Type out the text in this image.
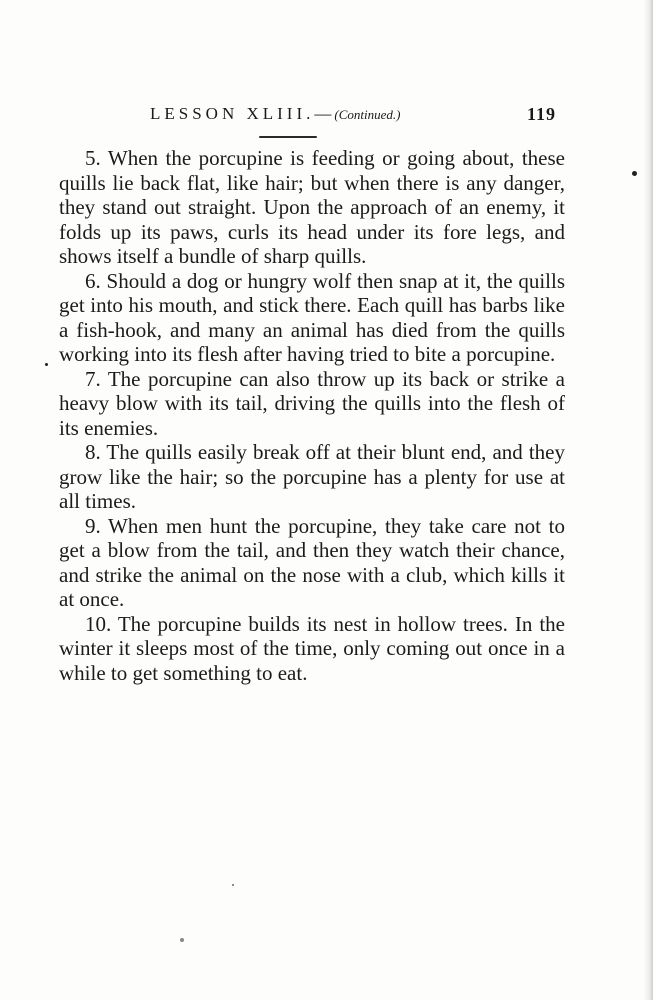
LESSON XLIII.—(Continued.)	119

5. When the porcupine is feeding or going about, these quills lie back flat, like hair; but when there is any danger, they stand out straight. Upon the approach of an enemy, it folds up its paws, curls its head under its fore legs, and shows itself a bundle of sharp quills.

6. Should a dog or hungry wolf then snap at it, the quills get into his mouth, and stick there. Each quill has barbs like a fish-hook, and many an animal has died from the quills working into its flesh after having tried to bite a porcupine.

7. The porcupine can also throw up its back or strike a heavy blow with its tail, driving the quills into the flesh of its enemies.

8. The quills easily break off at their blunt end, and they grow like the hair; so the porcupine has a plenty for use at all times.

9. When men hunt the porcupine, they take care not to get a blow from the tail, and then they watch their chance, and strike the animal on the nose with a club, which kills it at once.

10. The porcupine builds its nest in hollow trees. In the winter it sleeps most of the time, only coming out once in a while to get something to eat.
